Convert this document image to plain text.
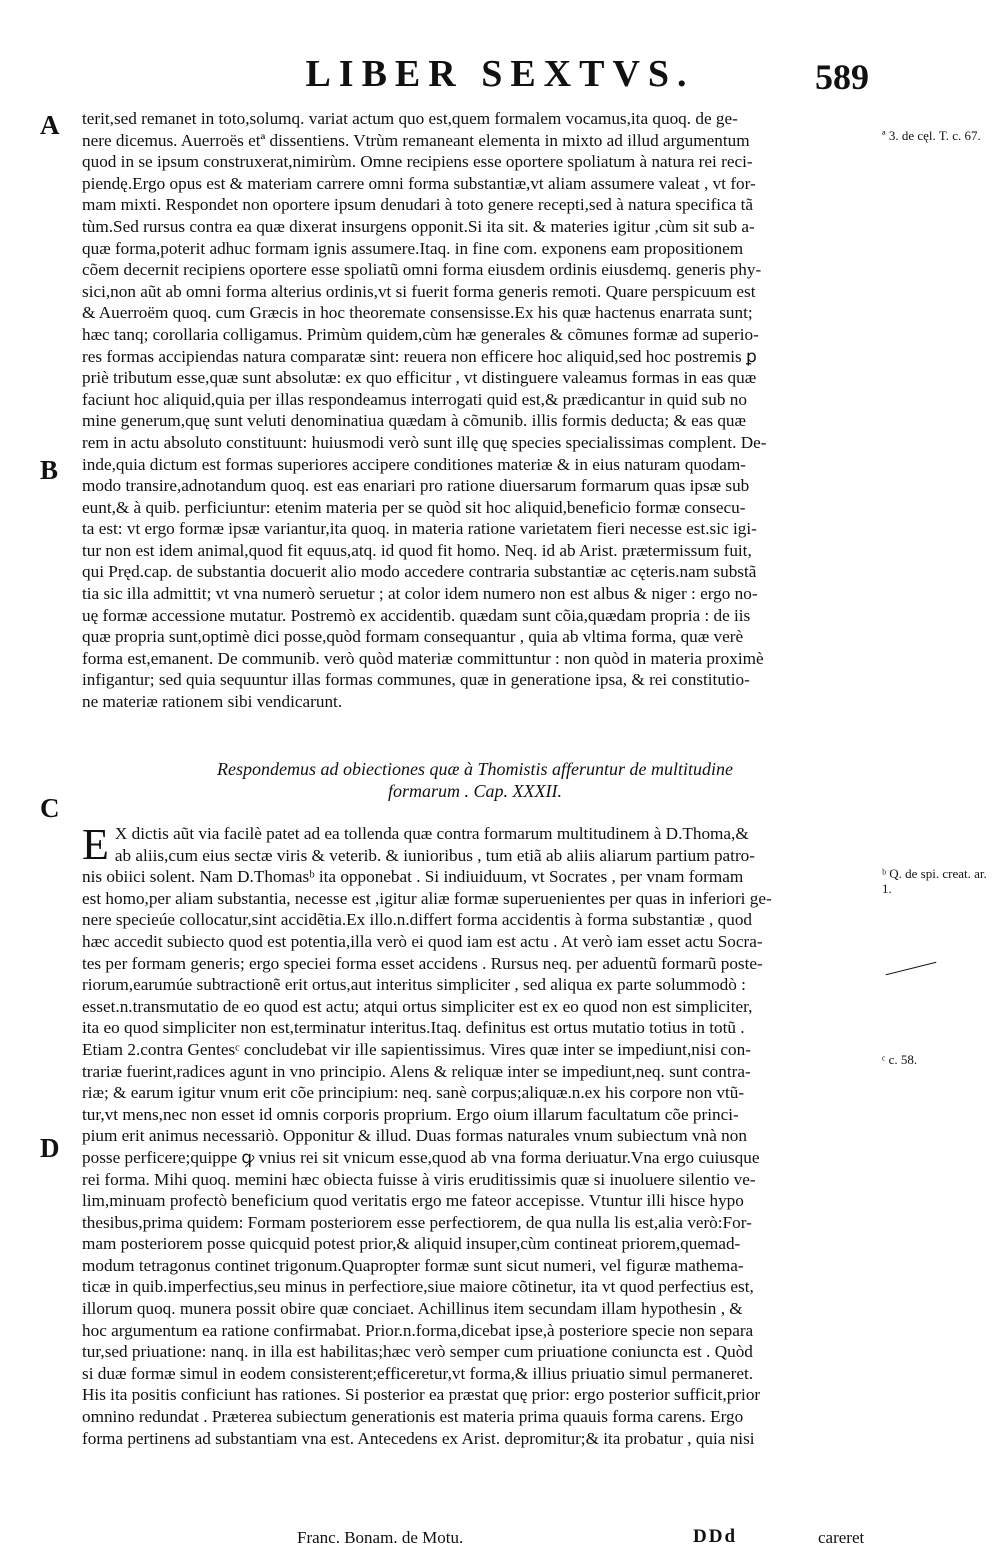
LIBER SEXTVS.	589
A
B
C
D
ª 3. de cęl. T. c. 67.
ᵇ Q. de spi. creat. ar. 1.
ᶜ c. 58.

terit,sed remanet in toto,solumq. variat actum quo est,quem formalem vocamus,ita quoq. de ge-
nere dicemus. Auerroës etª dissentiens. Vtrùm remaneant elementa in mixto ad illud argumentum
quod in se ipsum construxerat,nimirùm. Omne recipiens esse oportere spoliatum à natura rei reci-
piendę.Ergo opus est & materiam carrere omni forma substantiæ,vt aliam assumere valeat , vt for-
mam mixti. Respondet non oportere ipsum denudari à toto genere recepti,sed à natura specifica tã
tùm.Sed rursus contra ea quæ dixerat insurgens opponit.Si ita sit. & materies igitur ,cùm sit sub a-
quæ forma,poterit adhuc formam ignis assumere.Itaq. in fine com. exponens eam propositionem
cõem decernit recipiens oportere esse spoliatũ omni forma eiusdem ordinis eiusdemq. generis phy-
sici,non aũt ab omni forma alterius ordinis,vt si fuerit forma generis remoti. Quare perspicuum est
& Auerroëm quoq. cum Græcis in hoc theoremate consensisse.Ex his quæ hactenus enarrata sunt;
hæc tanq; corollaria colligamus. Primùm quidem,cùm hæ generales & cõmunes formæ ad superio-
res formas accipiendas natura comparatæ sint: reuera non efficere hoc aliquid,sed hoc postremis ꝑ
priè tributum esse,quæ sunt absolutæ: ex quo efficitur , vt distinguere valeamus formas in eas quæ
faciunt hoc aliquid,quia per illas respondeamus interrogati quid est,& prædicantur in quid sub no
mine generum,quę sunt veluti denominatiua quædam à cõmunib. illis formis deducta; & eas quæ
rem in actu absoluto constituunt: huiusmodi verò sunt illę quę species specialissimas complent. De-
inde,quia dictum est formas superiores accipere conditiones materiæ & in eius naturam quodam-
modo transire,adnotandum quoq. est eas enariari pro ratione diuersarum formarum quas ipsæ sub
eunt,& à quib. perficiuntur: etenim materia per se quòd sit hoc aliquid,beneficio formæ consecu-
ta est: vt ergo formæ ipsæ variantur,ita quoq. in materia ratione varietatem fieri necesse est.sic igi-
tur non est idem animal,quod fit equus,atq. id quod fit homo. Neq. id ab Arist. prætermissum fuit,
qui Pręd.cap. de substantia docuerit alio modo accedere contraria substantiæ ac cęteris.nam substã
tia sic illa admittit; vt vna numerò seruetur ; at color idem numero non est albus & niger : ergo no-
uę formæ accessione mutatur. Postremò ex accidentib. quædam sunt cõia,quædam propria : de iis
quæ propria sunt,optimè dici posse,quòd formam consequantur , quia ab vltima forma, quæ verè
forma est,emanent. De communib. verò quòd materiæ committuntur : non quòd in materia proximè
infigantur; sed quia sequuntur illas formas communes, quæ in generatione ipsa, & rei constitutio-
ne materiæ rationem sibi vendicarunt.

Respondemus ad obiectiones quæ à Thomistis afferuntur de multitudine
formarum . Cap. XXXII.
E X dictis aũt via facilè patet ad ea tollenda quæ contra formarum multitudinem à D.Thoma,&
ab aliis,cum eius sectæ viris & veterib. & iunioribus , tum etiã ab aliis aliarum partium patro-
nis obiici solent. Nam D.Thomasᵇ ita opponebat . Si indiuiduum, vt Socrates , per vnam formam
est homo,per aliam substantia, necesse est ,igitur aliæ formæ superuenientes per quas in inferiori ge-
nere specieúe collocatur,sint accidẽtia.Ex illo.n.differt forma accidentis à forma substantiæ , quod
hæc accedit subiecto quod est potentia,illa verò ei quod iam est actu . At verò iam esset actu Socra-
tes per formam generis; ergo speciei forma esset accidens . Rursus neq. per aduentũ formarũ poste-
riorum,earumúe subtractionẽ erit ortus,aut interitus simpliciter , sed aliqua ex parte solummodò :
esset.n.transmutatio de eo quod est actu; atqui ortus simpliciter est ex eo quod non est simpliciter,
ita eo quod simpliciter non est,terminatur interitus.Itaq. definitus est ortus mutatio totius in totũ .
Etiam 2.contra Gentesᶜ concludebat vir ille sapientissimus. Vires quæ inter se impediunt,nisi con-
trariæ fuerint,radices agunt in vno principio. Alens & reliquæ inter se impediunt,neq. sunt contra-
riæ; & earum igitur vnum erit cõe principium: neq. sanè corpus;aliquæ.n.ex his corpore non vtũ-
tur,vt mens,nec non esset id omnis corporis proprium. Ergo oium illarum facultatum cõe princi-
pium erit animus necessariò. Opponitur & illud. Duas formas naturales vnum subiectum vnà non
posse perficere;quippe ꝙ vnius rei sit vnicum esse,quod ab vna forma deriuatur.Vna ergo cuiusque
rei forma. Mihi quoq. memini hæc obiecta fuisse à viris eruditissimis quæ si inuoluere silentio ve-
lim,minuam profectò beneficium quod veritatis ergo me fateor accepisse. Vtuntur illi hisce hypo
thesibus,prima quidem: Formam posteriorem esse perfectiorem, de qua nulla lis est,alia verò:For-
mam posteriorem posse quicquid potest prior,& aliquid insuper,cùm contineat priorem,quemad-
modum tetragonus continet trigonum.Quapropter formæ sunt sicut numeri, vel figuræ mathema-
ticæ in quib.imperfectius,seu minus in perfectiore,siue maiore cõtinetur, ita vt quod perfectius est,
illorum quoq. munera possit obire quæ conciaet. Achillinus item secundam illam hypothesin , &
hoc argumentum ea ratione confirmabat. Prior.n.forma,dicebat ipse,à posteriore specie non separa
tur,sed priuatione: nanq. in illa est habilitas;hæc verò semper cum priuatione coniuncta est . Quòd
si duæ formæ simul in eodem consisterent;efficeretur,vt forma,& illius priuatio simul permaneret.
His ita positis conficiunt has rationes. Si posterior ea præstat quę prior: ergo posterior sufficit,prior
omnino redundat . Præterea subiectum generationis est materia prima quauis forma carens. Ergo
forma pertinens ad substantiam vna est. Antecedens ex Arist. depromitur;& ita probatur , quia nisi

Franc. Bonam. de Motu.	DDd	careret
